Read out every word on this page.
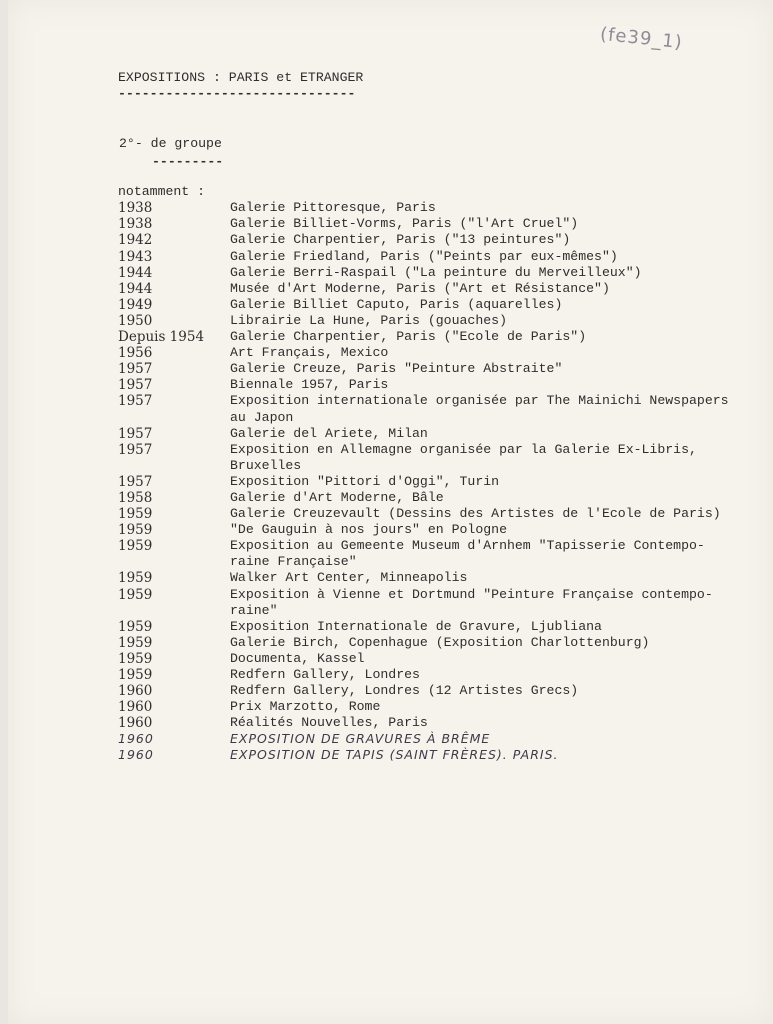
(fe39_1)
EXPOSITIONS : PARIS et ETRANGER
------------------------------
2°- de groupe
---------
notamment :
1938	Galerie Pittoresque, Paris
1938	Galerie Billiet-Vorms, Paris ("l'Art Cruel")
1942	Galerie Charpentier, Paris ("13 peintures")
1943	Galerie Friedland, Paris ("Peints par eux-mêmes")
1944	Galerie Berri-Raspail ("La peinture du Merveilleux")
1944	Musée d'Art Moderne, Paris ("Art et Résistance")
1949	Galerie Billiet Caputo, Paris (aquarelles)
1950	Librairie La Hune, Paris (gouaches)
Depuis 1954	Galerie Charpentier, Paris ("Ecole de Paris")
1956	Art Français, Mexico
1957	Galerie Creuze, Paris "Peinture Abstraite"
1957	Biennale 1957, Paris
1957	Exposition internationale organisée par The Mainichi Newspapers
au Japon
1957	Galerie del Ariete, Milan
1957	Exposition en Allemagne organisée par la Galerie Ex-Libris,
Bruxelles
1957	Exposition "Pittori d'Oggi", Turin
1958	Galerie d'Art Moderne, Bâle
1959	Galerie Creuzevault (Dessins des Artistes de l'Ecole de Paris)
1959	"De Gauguin à nos jours" en Pologne
1959	Exposition au Gemeente Museum d'Arnhem "Tapisserie Contempo-
raine Française"
1959	Walker Art Center, Minneapolis
1959	Exposition à Vienne et Dortmund "Peinture Française contempo-
raine"
1959	Exposition Internationale de Gravure, Ljubliana
1959	Galerie Birch, Copenhague (Exposition Charlottenburg)
1959	Documenta, Kassel
1959	Redfern Gallery, Londres
1960	Redfern Gallery, Londres (12 Artistes Grecs)
1960	Prix Marzotto, Rome
1960	Réalités Nouvelles, Paris
1960	EXPOSITION DE GRAVURES À BRÊME
1960	EXPOSITION DE TAPIS (SAINT FRÈRES). PARIS.
